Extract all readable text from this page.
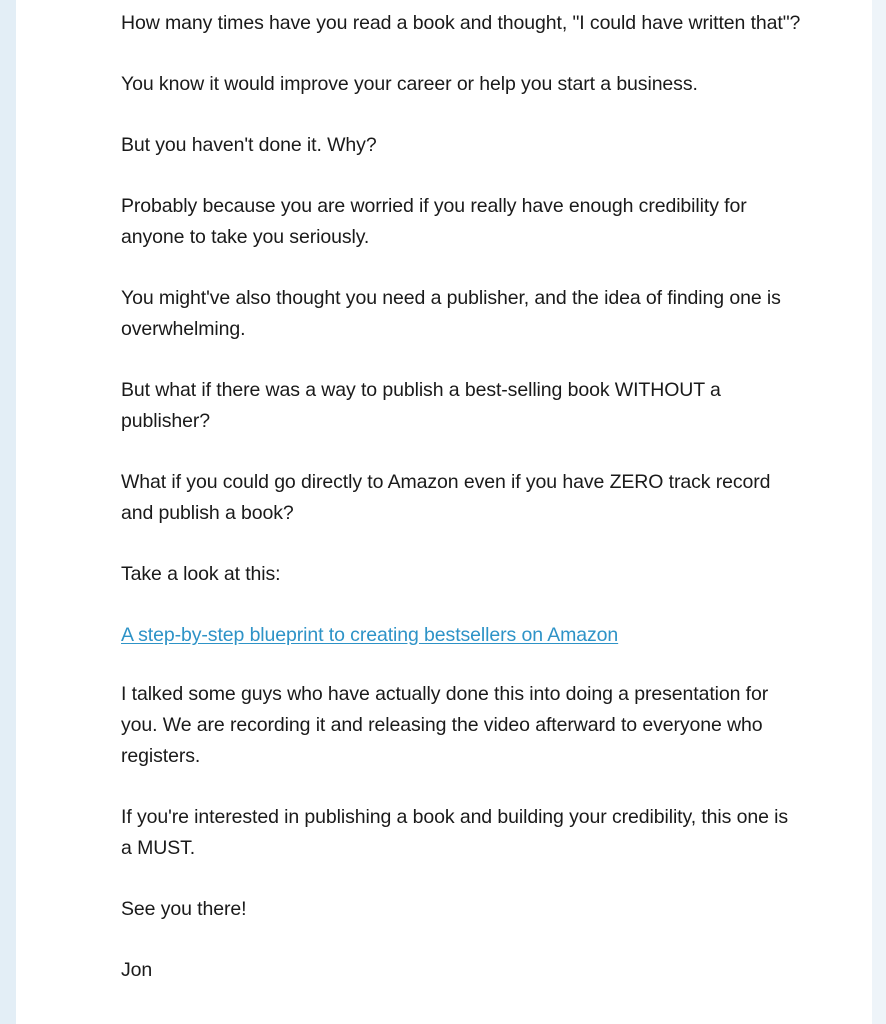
How many times have you read a book and thought, "I could have written that"?

You know it would improve your career or help you start a business.

But you haven't done it. Why?

Probably because you are worried if you really have enough credibility for anyone to take you seriously.

You might've also thought you need a publisher, and the idea of finding one is overwhelming.

But what if there was a way to publish a best-selling book WITHOUT a publisher?

What if you could go directly to Amazon even if you have ZERO track record and publish a book?

Take a look at this:

A step-by-step blueprint to creating bestsellers on Amazon

I talked some guys who have actually done this into doing a presentation for you. We are recording it and releasing the video afterward to everyone who registers.

If you're interested in publishing a book and building your credibility, this one is a MUST.

See you there!

Jon
